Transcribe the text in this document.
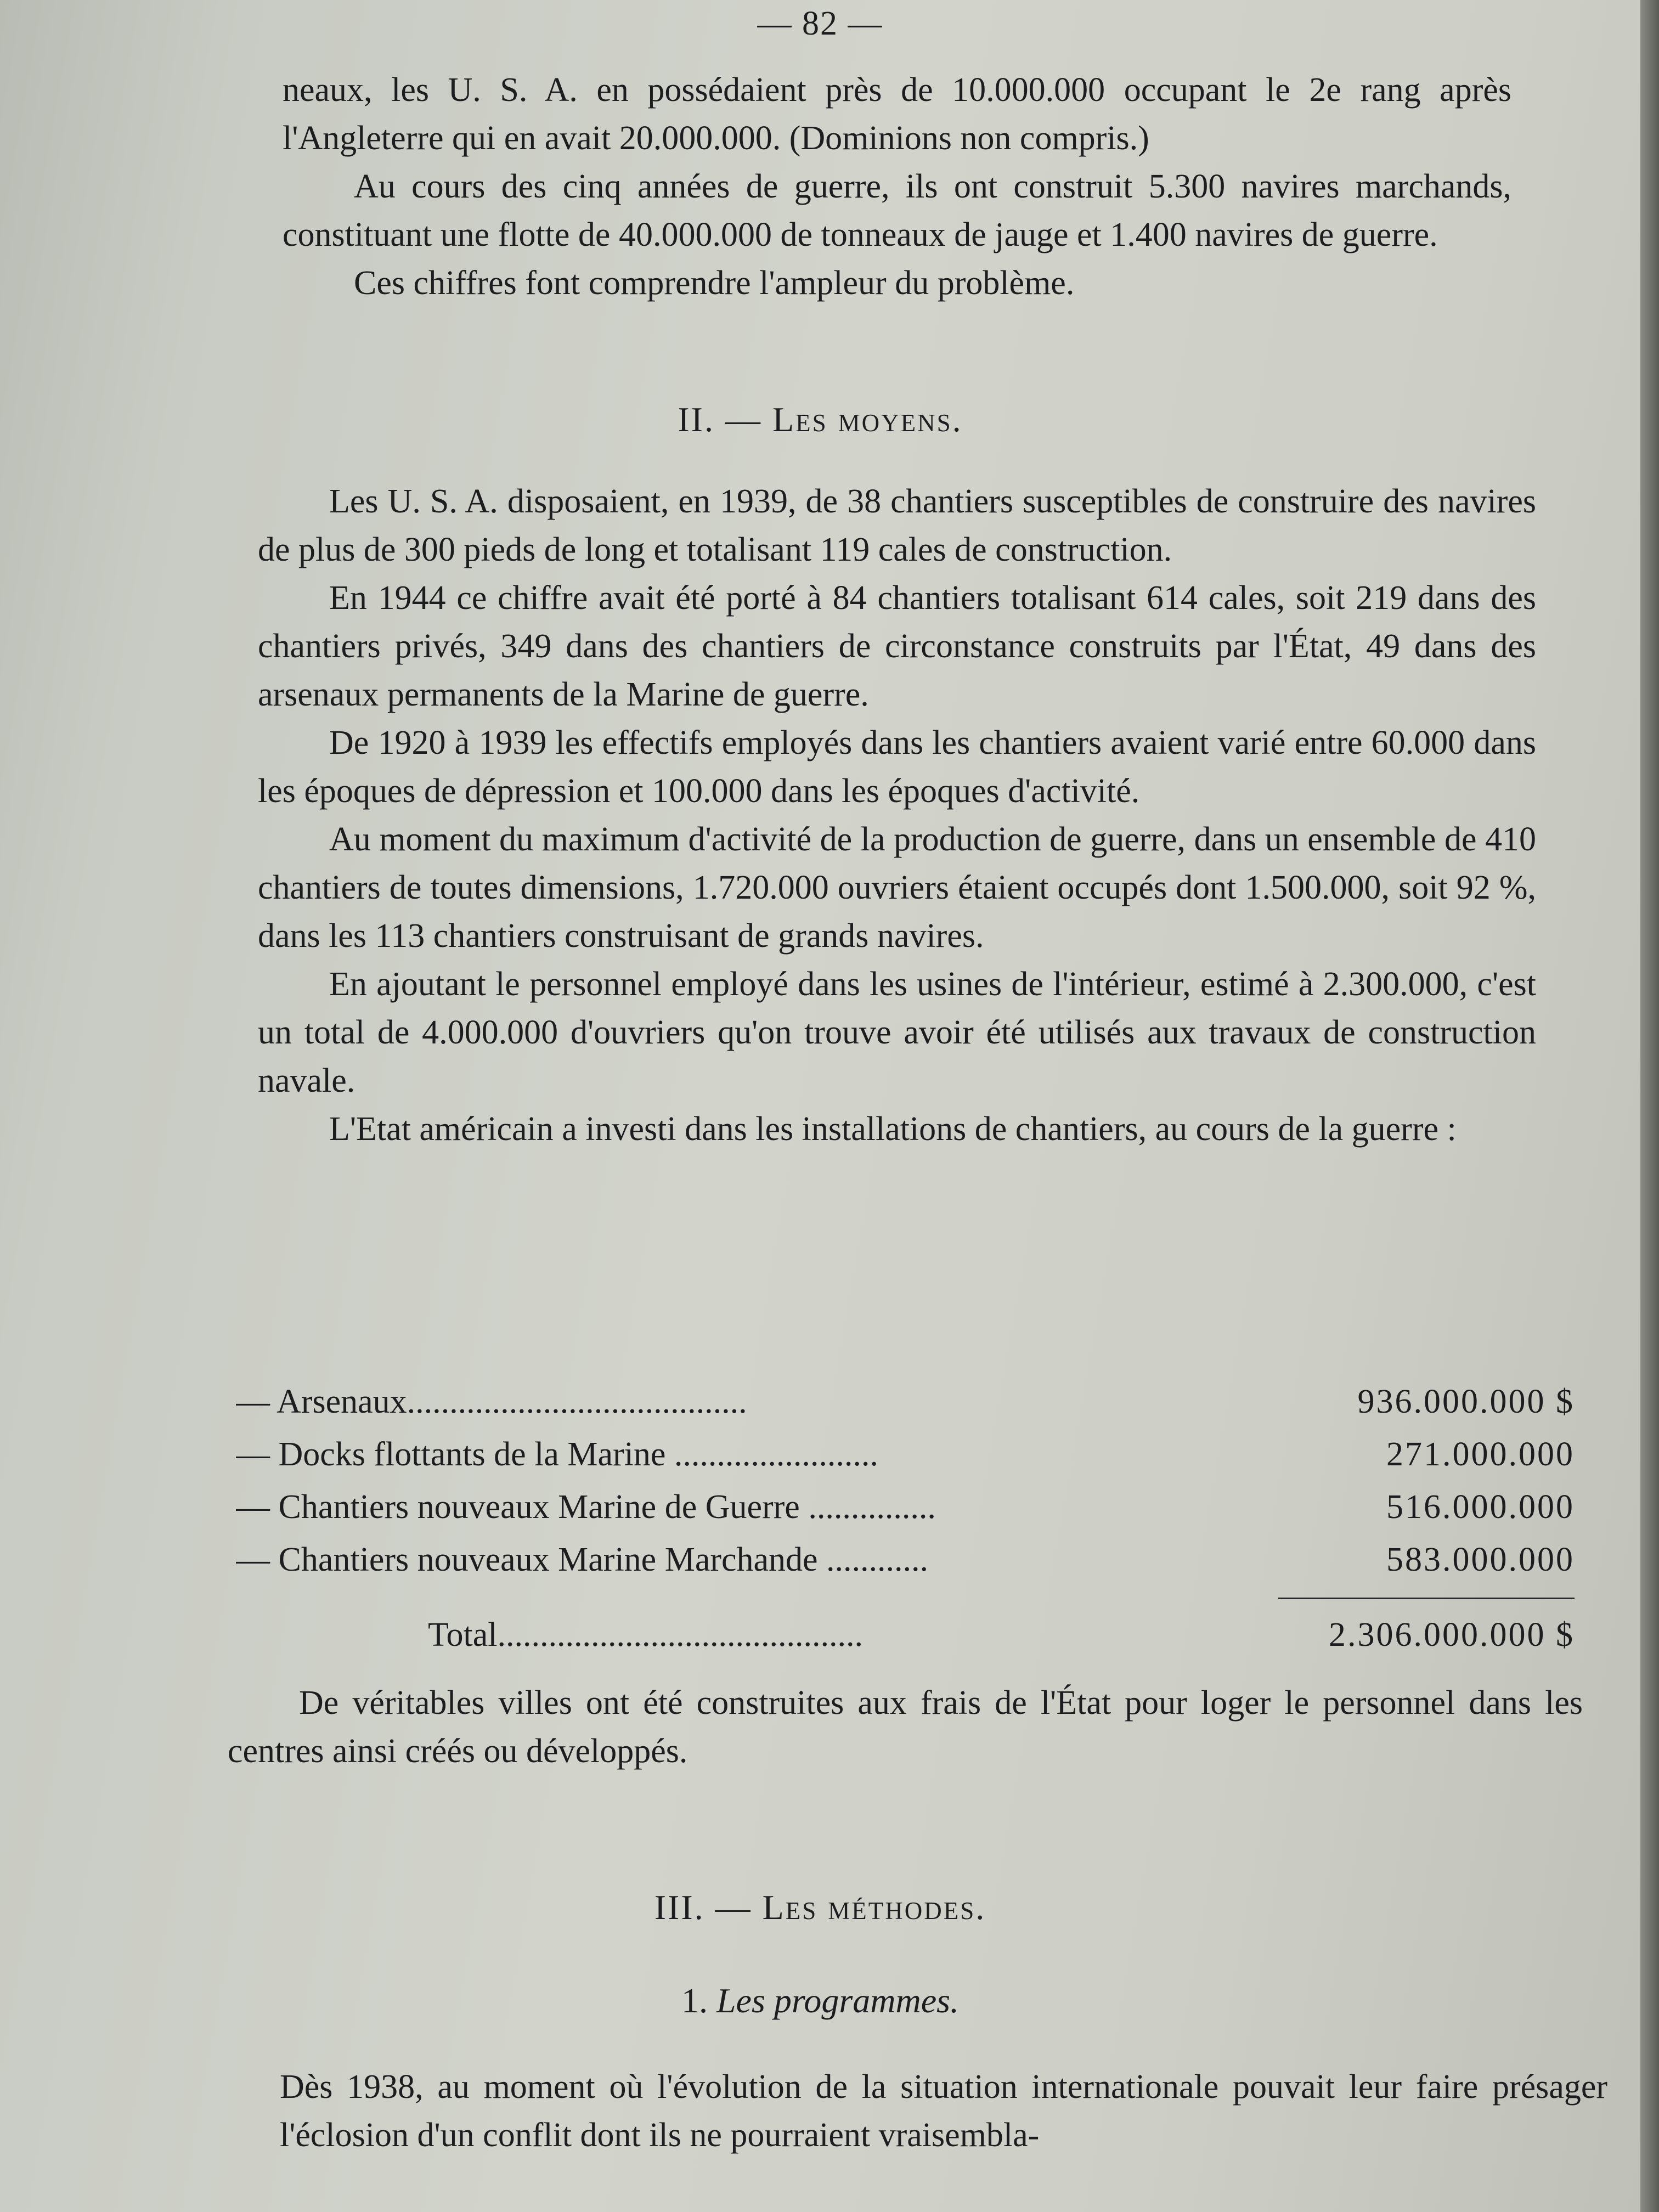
— 82 —

neaux, les U. S. A. en possédaient près de 10.000.000 occupant le 2e rang après l'Angleterre qui en avait 20.000.000. (Dominions non compris.)

Au cours des cinq années de guerre, ils ont construit 5.300 navires marchands, constituant une flotte de 40.000.000 de tonneaux de jauge et 1.400 navires de guerre.

Ces chiffres font comprendre l'ampleur du problème.

II. — Les moyens.

Les U. S. A. disposaient, en 1939, de 38 chantiers susceptibles de construire des navires de plus de 300 pieds de long et totalisant 119 cales de construction.

En 1944 ce chiffre avait été porté à 84 chantiers totalisant 614 cales, soit 219 dans des chantiers privés, 349 dans des chantiers de circonstance construits par l'État, 49 dans des arsenaux permanents de la Marine de guerre.

De 1920 à 1939 les effectifs employés dans les chantiers avaient varié entre 60.000 dans les époques de dépression et 100.000 dans les époques d'activité.

Au moment du maximum d'activité de la production de guerre, dans un ensemble de 410 chantiers de toutes dimensions, 1.720.000 ouvriers étaient occupés dont 1.500.000, soit 92 %, dans les 113 chantiers construisant de grands navires.

En ajoutant le personnel employé dans les usines de l'intérieur, estimé à 2.300.000, c'est un total de 4.000.000 d'ouvriers qu'on trouve avoir été utilisés aux travaux de construction navale.

L'Etat américain a investi dans les installations de chantiers, au cours de la guerre :

— Arsenaux........................................	936.000.000 $
— Docks flottants de la Marine ........................	271.000.000
— Chantiers nouveaux Marine de Guerre ...............	516.000.000
— Chantiers nouveaux Marine Marchande ............	583.000.000
Total...........................................	2.306.000.000 $

De véritables villes ont été construites aux frais de l'État pour loger le personnel dans les centres ainsi créés ou développés.

III. — Les méthodes.
1. Les programmes.

Dès 1938, au moment où l'évolution de la situation internationale pouvait leur faire présager l'éclosion d'un conflit dont ils ne pourraient vraisembla-
